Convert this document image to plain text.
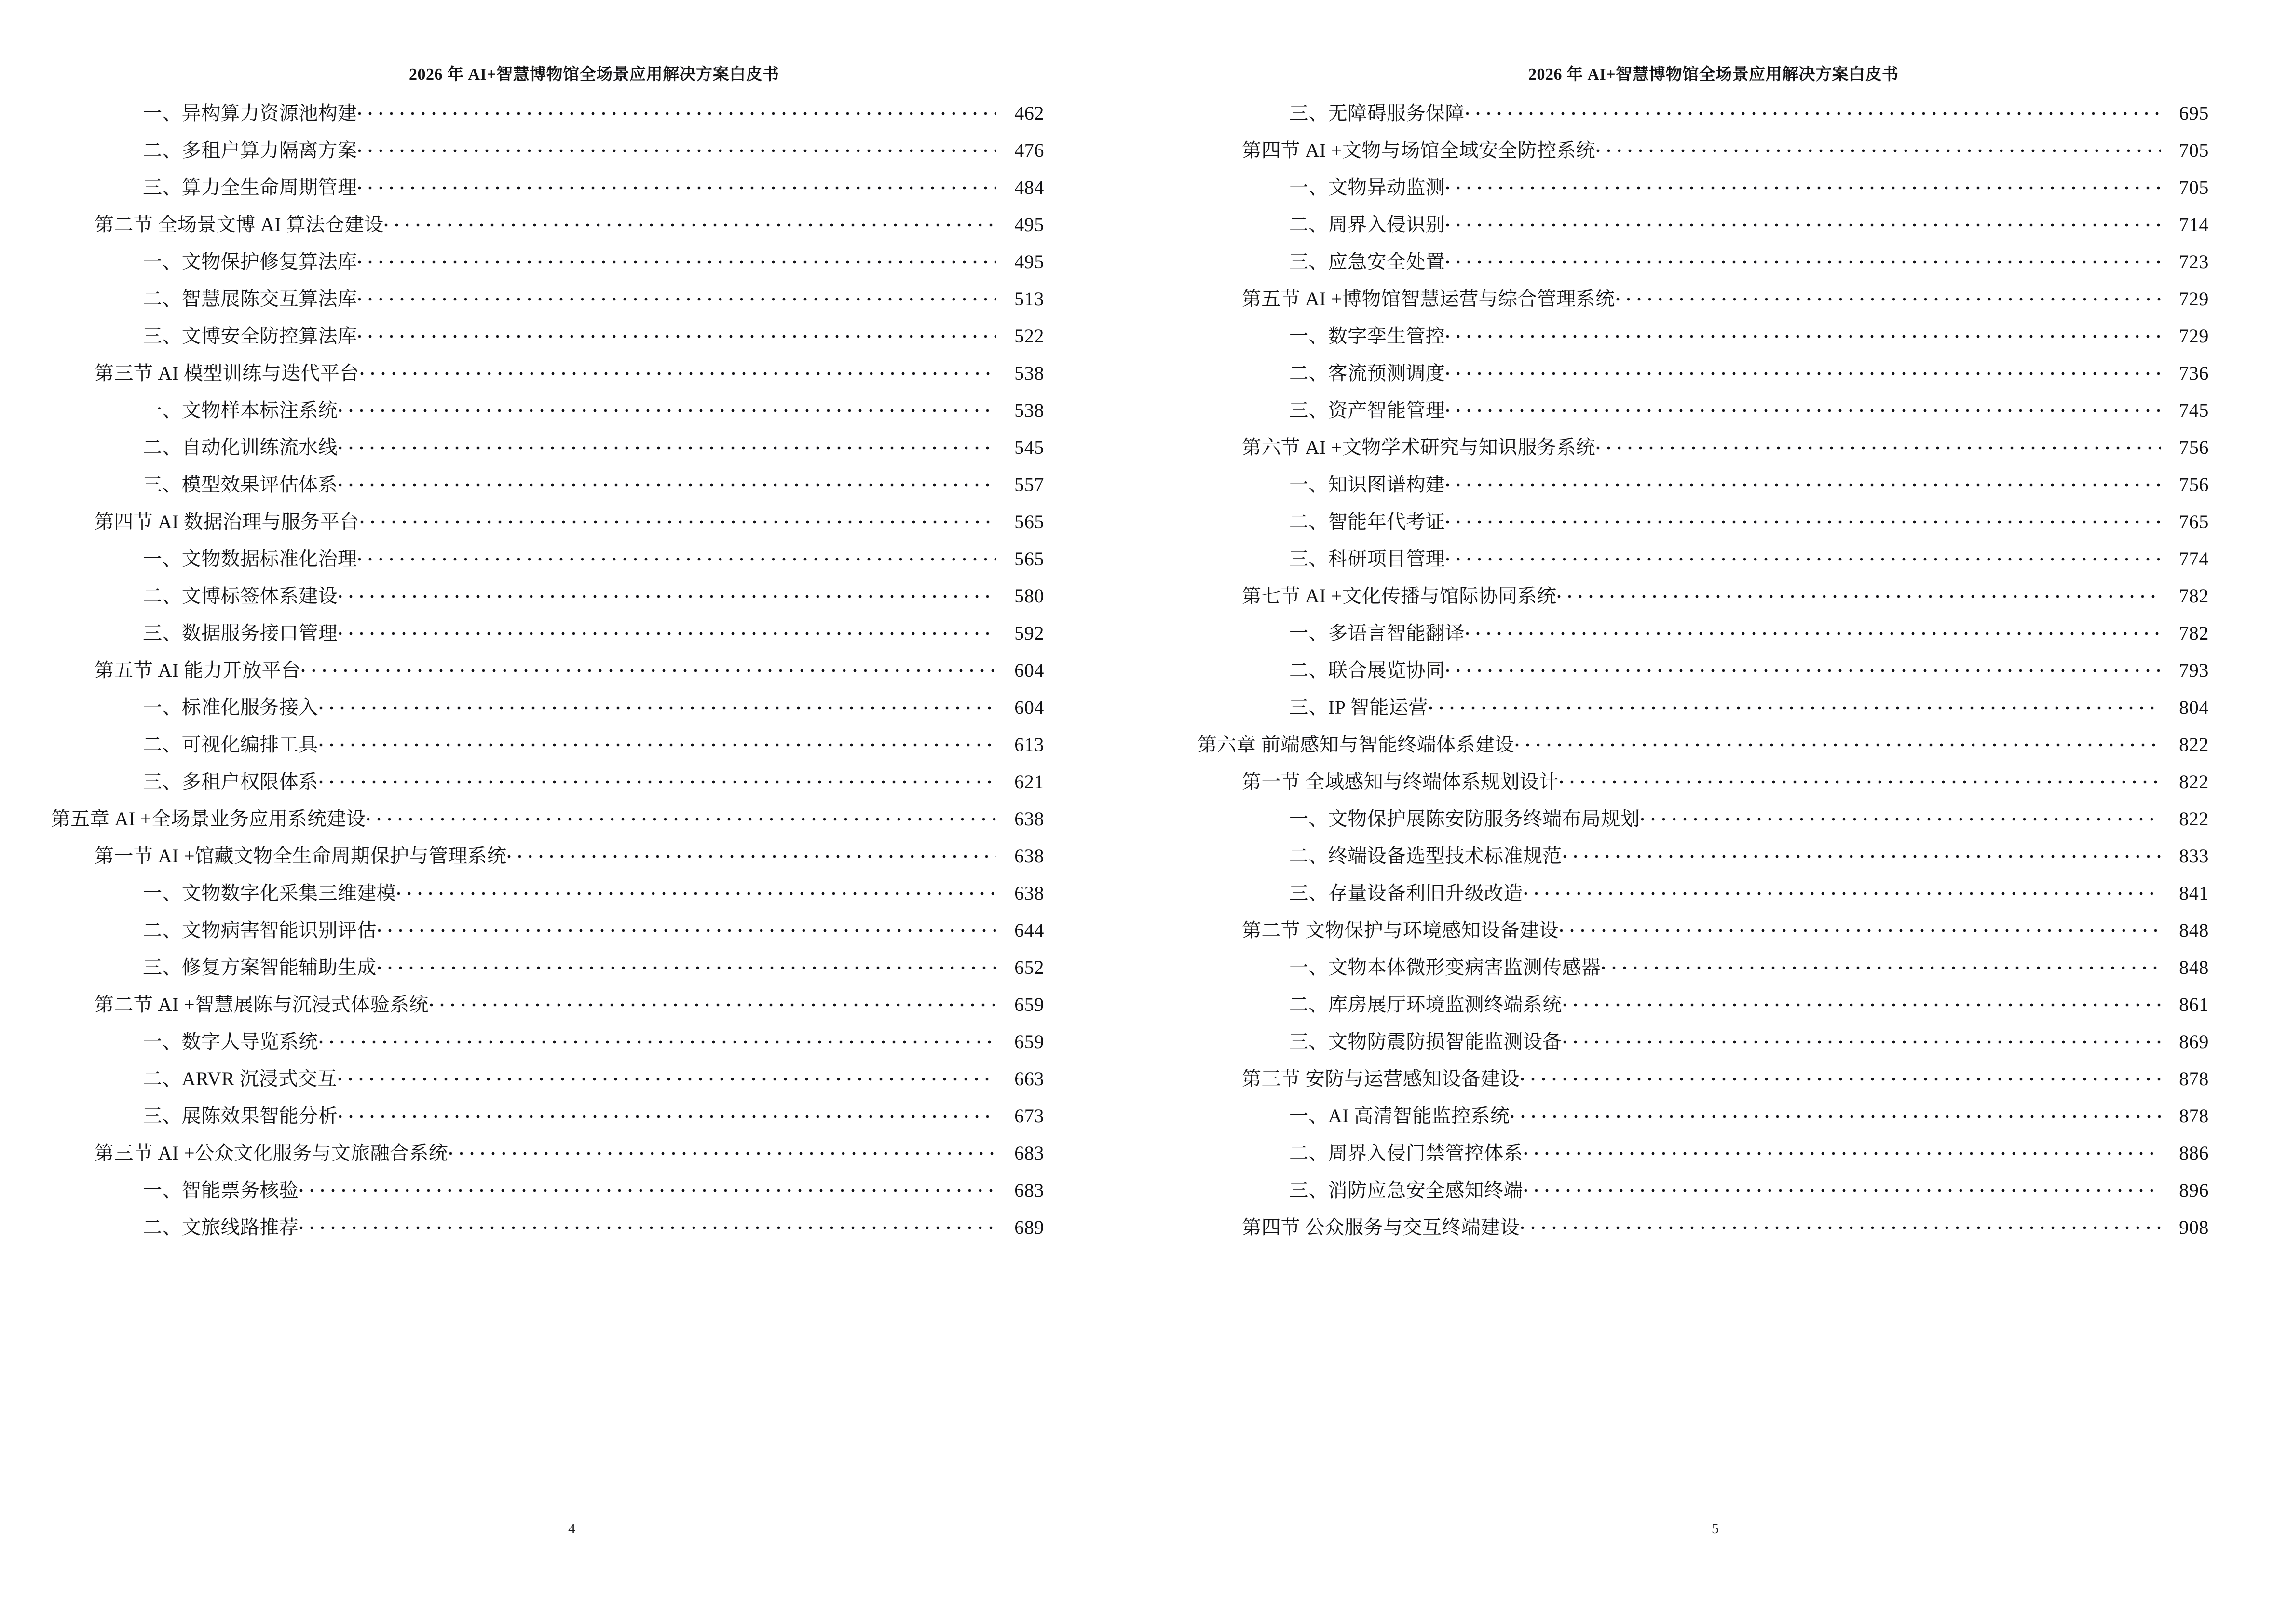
2026 年 AI+智慧博物馆全场景应用解决方案白皮书
一、异构算力资源池构建	462
二、多租户算力隔离方案	476
三、算力全生命周期管理	484
第二节 全场景文博 AI 算法仓建设	495
一、文物保护修复算法库	495
二、智慧展陈交互算法库	513
三、文博安全防控算法库	522
第三节 AI 模型训练与迭代平台	538
一、文物样本标注系统	538
二、自动化训练流水线	545
三、模型效果评估体系	557
第四节 AI 数据治理与服务平台	565
一、文物数据标准化治理	565
二、文博标签体系建设	580
三、数据服务接口管理	592
第五节 AI 能力开放平台	604
一、标准化服务接入	604
二、可视化编排工具	613
三、多租户权限体系	621
第五章 AI +全场景业务应用系统建设	638
第一节 AI +馆藏文物全生命周期保护与管理系统	638
一、文物数字化采集三维建模	638
二、文物病害智能识别评估	644
三、修复方案智能辅助生成	652
第二节 AI +智慧展陈与沉浸式体验系统	659
一、数字人导览系统	659
二、ARVR 沉浸式交互	663
三、展陈效果智能分析	673
第三节 AI +公众文化服务与文旅融合系统	683
一、智能票务核验	683
二、文旅线路推荐	689
4
2026 年 AI+智慧博物馆全场景应用解决方案白皮书
三、无障碍服务保障	695
第四节 AI +文物与场馆全域安全防控系统	705
一、文物异动监测	705
二、周界入侵识别	714
三、应急安全处置	723
第五节 AI +博物馆智慧运营与综合管理系统	729
一、数字孪生管控	729
二、客流预测调度	736
三、资产智能管理	745
第六节 AI +文物学术研究与知识服务系统	756
一、知识图谱构建	756
二、智能年代考证	765
三、科研项目管理	774
第七节 AI +文化传播与馆际协同系统	782
一、多语言智能翻译	782
二、联合展览协同	793
三、IP 智能运营	804
第六章 前端感知与智能终端体系建设	822
第一节 全域感知与终端体系规划设计	822
一、文物保护展陈安防服务终端布局规划	822
二、终端设备选型技术标准规范	833
三、存量设备利旧升级改造	841
第二节 文物保护与环境感知设备建设	848
一、文物本体微形变病害监测传感器	848
二、库房展厅环境监测终端系统	861
三、文物防震防损智能监测设备	869
第三节 安防与运营感知设备建设	878
一、AI 高清智能监控系统	878
二、周界入侵门禁管控体系	886
三、消防应急安全感知终端	896
第四节 公众服务与交互终端建设	908
5
